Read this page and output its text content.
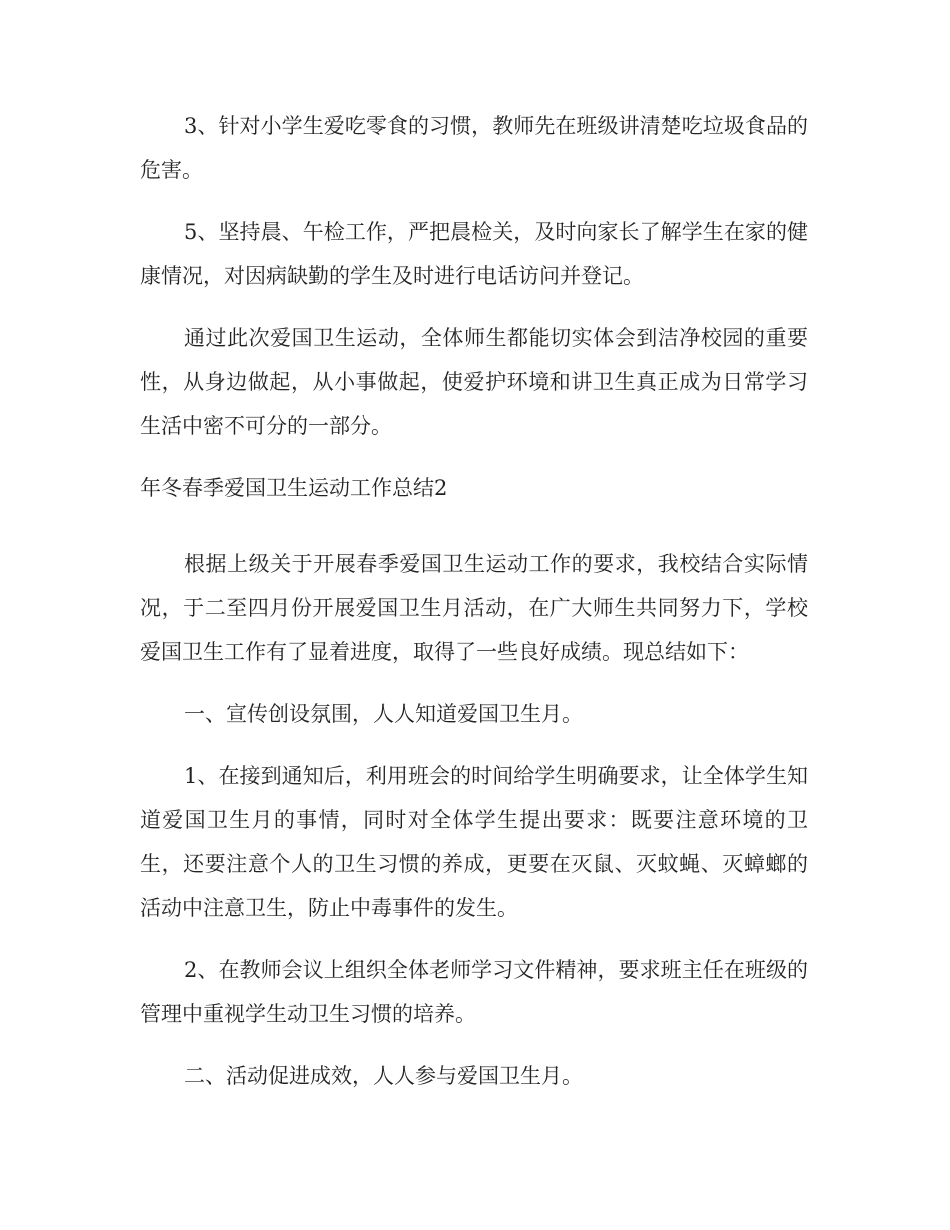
3、针对小学生爱吃零食的习惯，教师先在班级讲清楚吃垃圾食品的危害。

5、坚持晨、午检工作，严把晨检关，及时向家长了解学生在家的健康情况，对因病缺勤的学生及时进行电话访问并登记。

通过此次爱国卫生运动，全体师生都能切实体会到洁净校园的重要性，从身边做起，从小事做起，使爱护环境和讲卫生真正成为日常学习生活中密不可分的一部分。

年冬春季爱国卫生运动工作总结2

根据上级关于开展春季爱国卫生运动工作的要求，我校结合实际情况，于二至四月份开展爱国卫生月活动，在广大师生共同努力下，学校爱国卫生工作有了显着进度，取得了一些良好成绩。现总结如下：

一、宣传创设氛围，人人知道爱国卫生月。

1、在接到通知后，利用班会的时间给学生明确要求，让全体学生知道爱国卫生月的事情，同时对全体学生提出要求：既要注意环境的卫生，还要注意个人的卫生习惯的养成，更要在灭鼠、灭蚊蝇、灭蟑螂的活动中注意卫生，防止中毒事件的发生。

2、在教师会议上组织全体老师学习文件精神，要求班主任在班级的管理中重视学生动卫生习惯的培养。

二、活动促进成效，人人参与爱国卫生月。
